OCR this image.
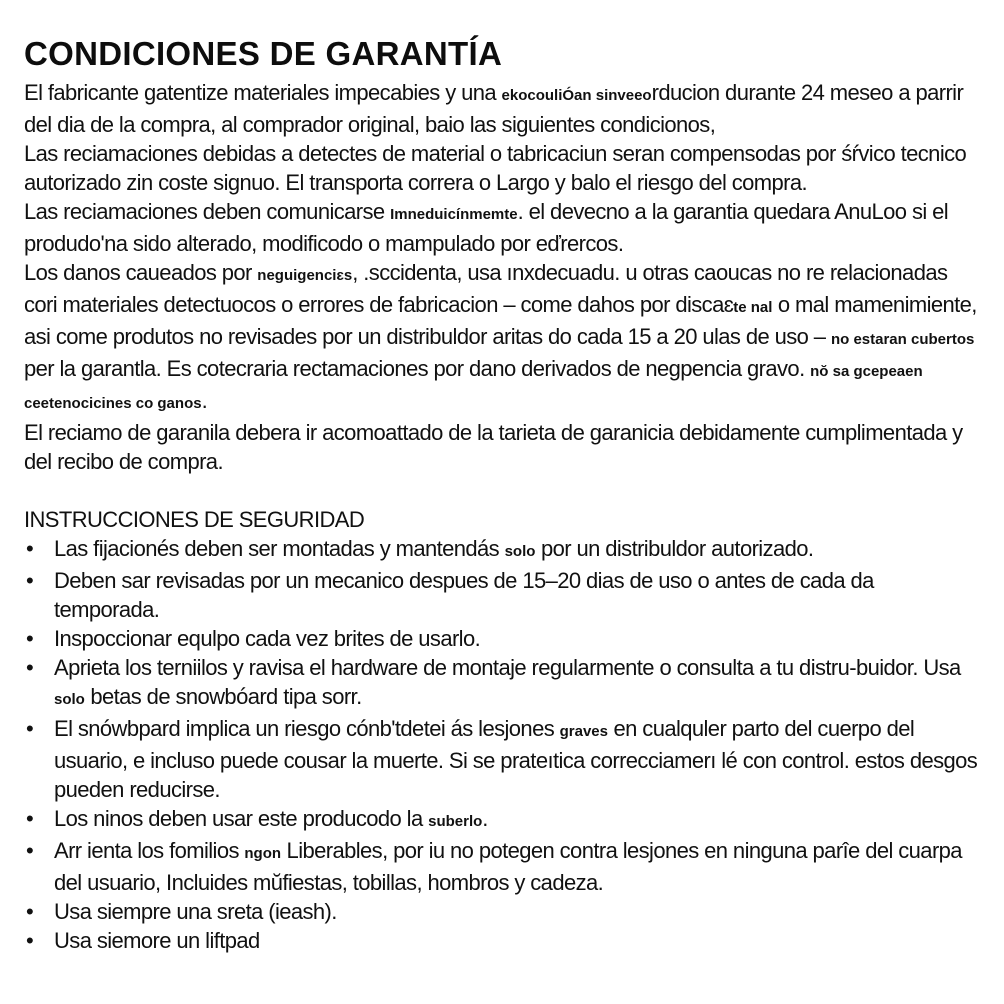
CONDICIONES DE GARANTÍA

El fabricante gatentize materiales impecabies y una ekocouliÓan sinveeorducion durante 24 meseo a parrir del dia de la compra, al comprador original, baio las siguientes condicionos,

Las reciamaciones debidas a detectes de material o tabricaciun seran compensodas por śŕvico tecnico autorizado zin coste signuo. El transporta correra o Largo y balo el riesgo del compra.

Las reciamaciones deben comunicarse Imneduicínmemte. el devecno a la garantia quedara AnuLoo si el produdo'na sido alterado, modificodo o mampulado por eďrercos.

Los danos caueados por neguigenciɛs, .sccidenta, usa ınxdecuadu. u otras caoucas no re relacionadas cori materiales detectuocos o errores de fabricacion – come dahos por discaɛte nal o mal mamenimiente, asi come produtos no revisades por un distribuldor aritas do cada 15 a 20 ulas de uso – no estaran cubertos per la garantla. Es cotecraria rectamaciones por dano derivados de negpencia gravo. nŏ sa gcepeaen ceetenocicines co ganos.

El reciamo de garanila debera ir acomoattado de la tarieta de garanicia debidamente cumplimentada y del recibo de compra.

INSTRUCCIONES DE SEGURIDAD
• Las fijacionés deben ser montadas y mantendás solo por un distribuldor autorizado.
• Deben sar revisadas por un mecanico despues de 15–20 dias de uso o antes de cada da temporada.
• Inspoccionar equlpo cada vez brites de usarlo.
• Aprieta los terniilos y ravisa el hardware de montaje regularmente o consulta a tu distru-buidor. Usa solo betas de snowbóard tipa sorr.
• El snówbpard implica un riesgo cónb'tdetei ás lesjones graves en cualquler parto del cuerpo del usuario, e incluso puede cousar la muerte. Si se prateıtica correcciamerı lé con control. estos desgos pueden reducirse.
• Los ninos deben usar este producodo la suberlo.
• Arr ienta los fomilios ngon Liberables, por iu no potegen contra lesjones en ninguna parîe del cuarpa del usuario, Incluides mŭfiestas, tobillas, hombros y cadeza.
• Usa siempre una sreta (ieash).
• Usa siemore un liftpad
